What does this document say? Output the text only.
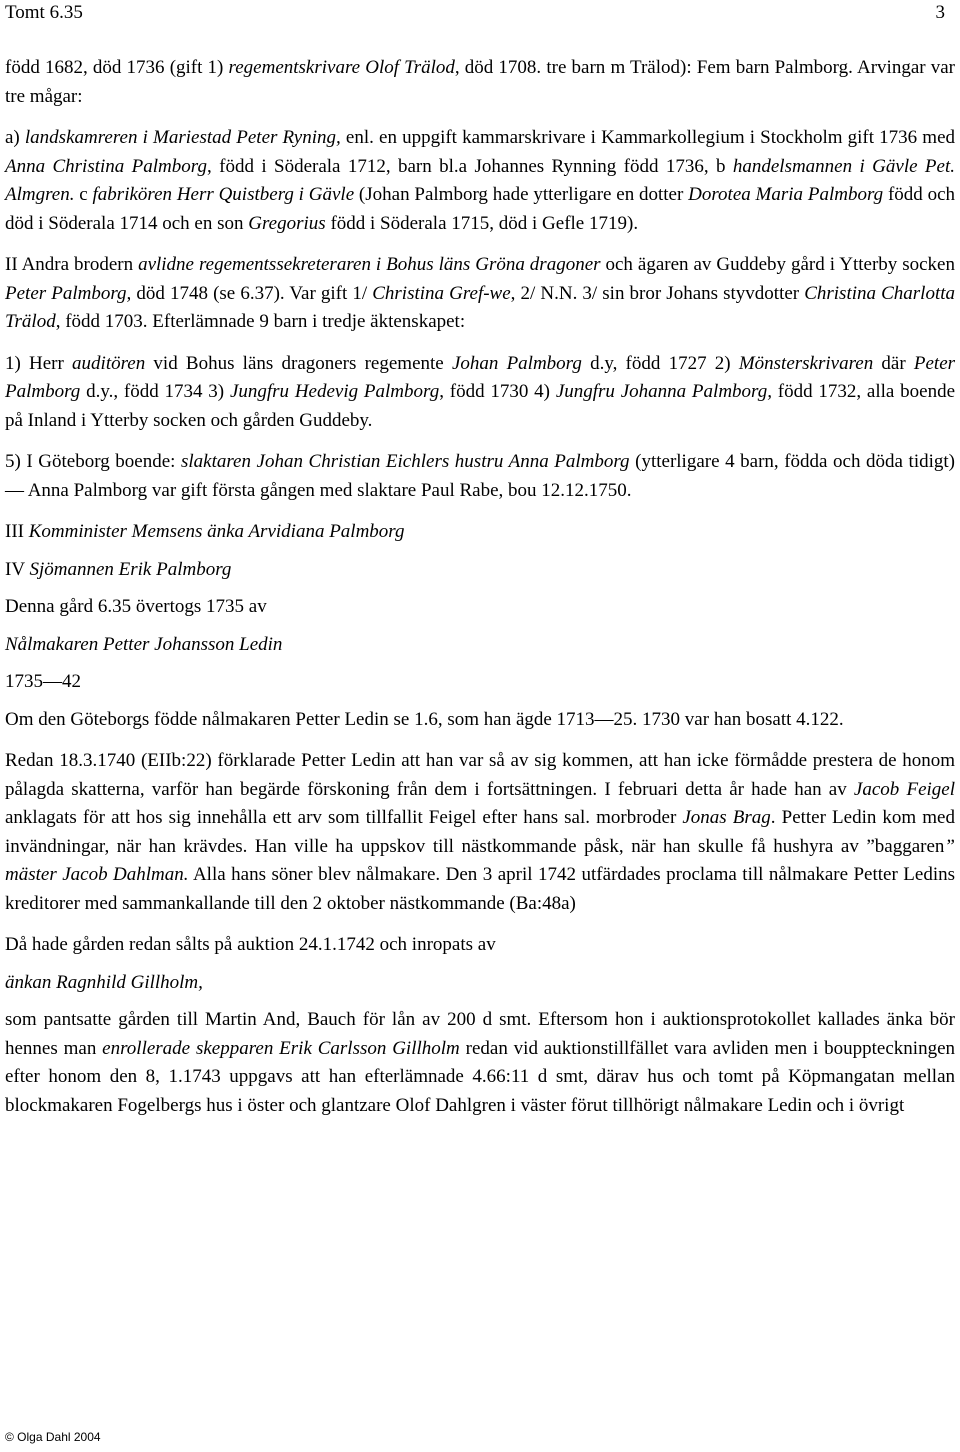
Tomt 6.35	3

född 1682, död 1736 (gift 1) regementskrivare Olof Trälod, död 1708. tre barn m Trälod): Fem barn Palmborg. Arvingar var tre mågar:

a) landskamreren i Mariestad Peter Ryning, enl. en uppgift kammarskrivare i Kammarkollegium i Stockholm gift 1736 med Anna Christina Palmborg, född i Söderala 1712, barn bl.a Johannes Rynning född 1736, b handelsmannen i Gävle Pet. Almgren. c fabrikören Herr Quistberg i Gävle (Johan Palmborg hade ytterligare en dotter Dorotea Maria Palmborg född och död i Söderala 1714 och en son Gregorius född i Söderala 1715, död i Gefle 1719).

II Andra brodern avlidne regementssekreteraren i Bohus läns Gröna dragoner och ägaren av Guddeby gård i Ytterby socken Peter Palmborg, död 1748 (se 6.37). Var gift 1/ Christina Gref-we, 2/ N.N. 3/ sin bror Johans styvdotter Christina Charlotta Trälod, född 1703. Efterlämnade 9 barn i tredje äktenskapet:

1) Herr auditören vid Bohus läns dragoners regemente Johan Palmborg d.y, född 1727 2) Mönsterskrivaren där Peter Palmborg d.y., född 1734 3) Jungfru Hedevig Palmborg, född 1730 4) Jungfru Johanna Palmborg, född 1732, alla boende på Inland i Ytterby socken och gården Guddeby.

5) I Göteborg boende: slaktaren Johan Christian Eichlers hustru Anna Palmborg (ytterligare 4 barn, födda och döda tidigt) — Anna Palmborg var gift första gången med slaktare Paul Rabe, bou 12.12.1750.

III Komminister Memsens änka Arvidiana Palmborg

IV Sjömannen Erik Palmborg

Denna gård 6.35 övertogs 1735 av

Nålmakaren Petter Johansson Ledin

1735—42

Om den Göteborgs födde nålmakaren Petter Ledin se 1.6, som han ägde 1713—25. 1730 var han bosatt 4.122.

Redan 18.3.1740 (EIIb:22) förklarade Petter Ledin att han var så av sig kommen, att han icke förmådde prestera de honom pålagda skatterna, varför han begärde förskoning från dem i fortsättningen. I februari detta år hade han av Jacob Feigel anklagats för att hos sig innehålla ett arv som tillfallit Feigel efter hans sal. morbroder Jonas Brag. Petter Ledin kom med invändningar, när han krävdes. Han ville ha uppskov till nästkommande påsk, när han skulle få hushyra av ”baggaren” mäster Jacob Dahlman. Alla hans söner blev nålmakare. Den 3 april 1742 utfärdades proclama till nålmakare Petter Ledins kreditorer med sammankallande till den 2 oktober nästkommande (Ba:48a)

Då hade gården redan sålts på auktion 24.1.1742 och inropats av

änkan Ragnhild Gillholm,

som pantsatte gården till Martin And, Bauch för lån av 200 d smt. Eftersom hon i auktionsprotokollet kallades änka bör hennes man enrollerade skepparen Erik Carlsson Gillholm redan vid auktionstillfället vara avliden men i bouppteckningen efter honom den 8, 1.1743 uppgavs att han efterlämnade 4.66:11 d smt, därav hus och tomt på Köpmangatan mellan blockmakaren Fogelbergs hus i öster och glantzare Olof Dahlgren i väster förut tillhörigt nålmakare Ledin och i övrigt

© Olga Dahl 2004
